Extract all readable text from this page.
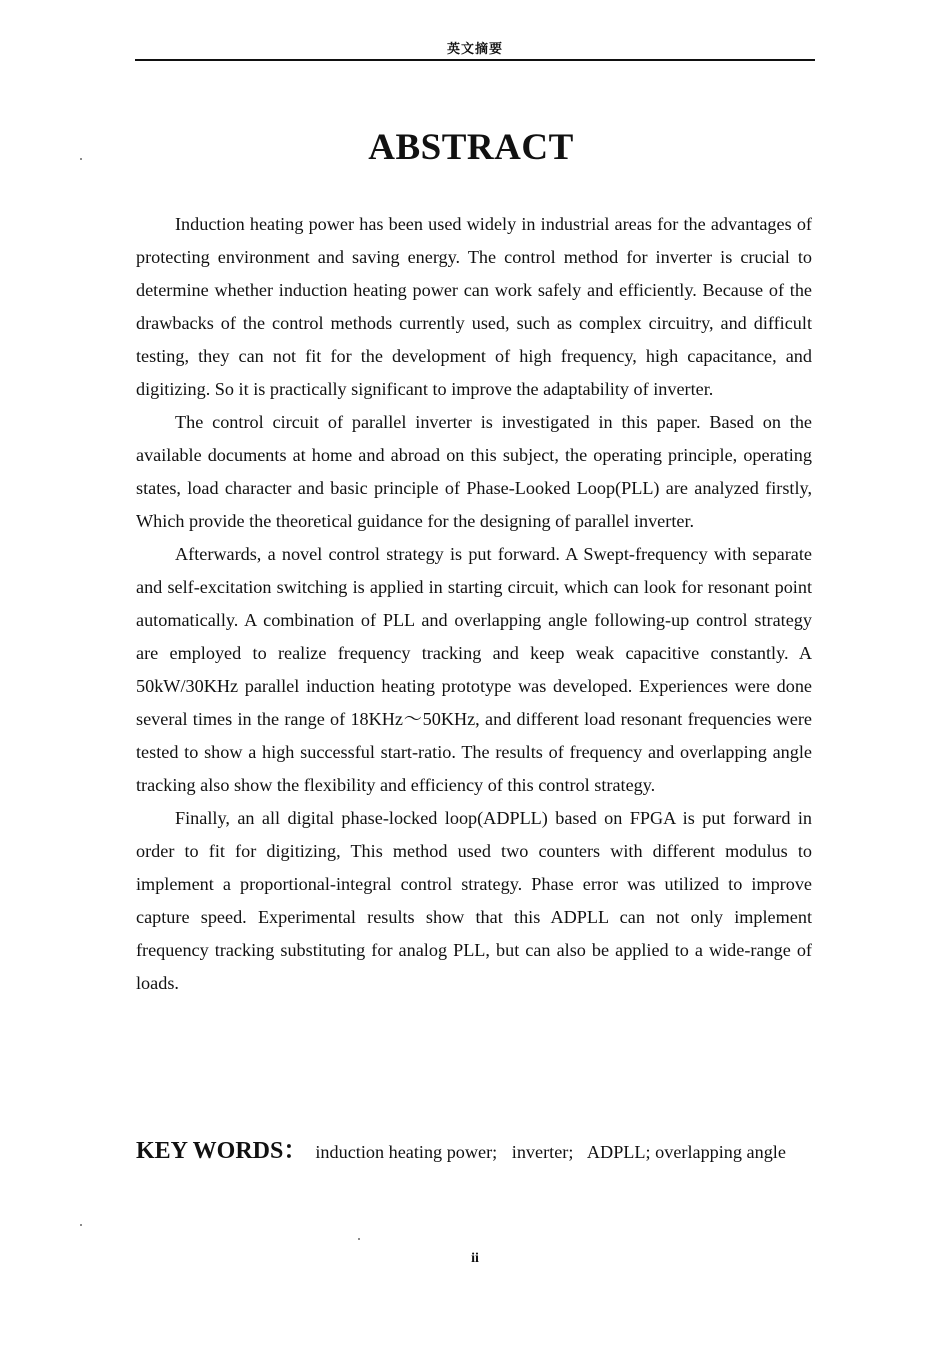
英文摘要
ABSTRACT

Induction heating power has been used widely in industrial areas for the advantages of protecting environment and saving energy. The control method for inverter is crucial to determine whether induction heating power can work safely and efficiently. Because of the drawbacks of the control methods currently used, such as complex circuitry, and difficult testing, they can not fit for the development of high frequency, high capacitance, and digitizing. So it is practically significant to improve the adaptability of inverter.

The control circuit of parallel inverter is investigated in this paper. Based on the available documents at home and abroad on this subject, the operating principle, operating states, load character and basic principle of Phase-Looked Loop(PLL) are analyzed firstly, Which provide the theoretical guidance for the designing of parallel inverter.

Afterwards, a novel control strategy is put forward. A Swept-frequency with separate and self-excitation switching is applied in starting circuit, which can look for resonant point automatically. A combination of PLL and overlapping angle following-up control strategy are employed to realize frequency tracking and keep weak capacitive constantly. A 50kW/30KHz parallel induction heating prototype was developed. Experiences were done several times in the range of 18KHz～50KHz, and different load resonant frequencies were tested to show a high successful start-ratio. The results of frequency and overlapping angle tracking also show the flexibility and efficiency of this control strategy.

Finally, an all digital phase-locked loop(ADPLL) based on FPGA is put forward in order to fit for digitizing, This method used two counters with different modulus to implement a proportional-integral control strategy. Phase error was utilized to improve capture speed. Experimental results show that this ADPLL can not only implement frequency tracking substituting for analog PLL, but can also be applied to a wide-range of loads.

KEY WORDS： induction heating power; inverter; ADPLL; overlapping angle
ii
